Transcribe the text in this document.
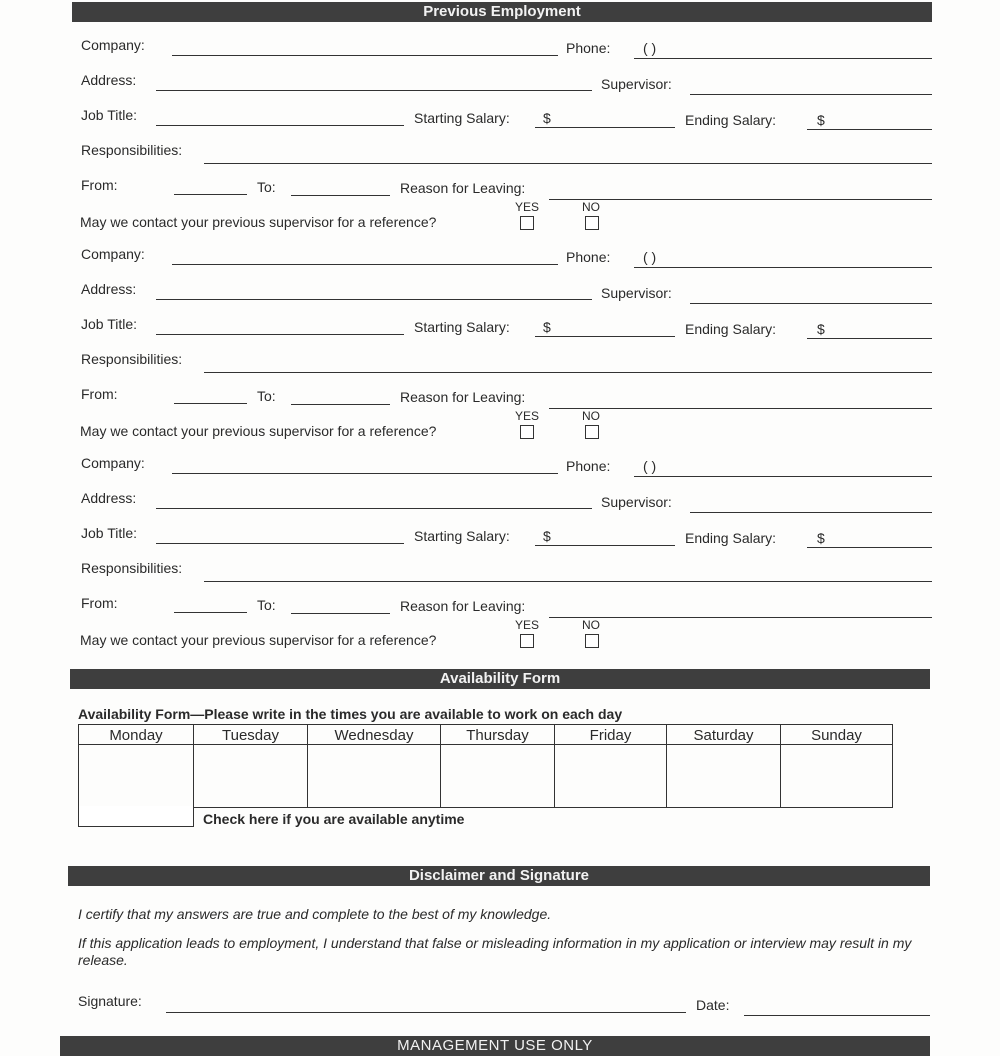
Previous Employment
Company:	Phone: ( )
Address:	Supervisor:
Job Title:	Starting Salary: $	Ending Salary:	$
Responsibilities:
From:	To:	Reason for Leaving:
May we contact your previous supervisor for a reference?
YES	NO
Company:	Phone: ( )
Address:	Supervisor:
Job Title:	Starting Salary: $	Ending Salary:	$
Responsibilities:
From:	To:	Reason for Leaving:
May we contact your previous supervisor for a reference?
YES	NO
Company:	Phone: ( )
Address:	Supervisor:
Job Title:	Starting Salary: $	Ending Salary:	$
Responsibilities:
From:	To:	Reason for Leaving:
May we contact your previous supervisor for a reference?
YES	NO
Availability Form
Availability Form—Please write in the times you are available to work on each day
Monday	Tuesday	Wednesday	Thursday	Friday	Saturday	Sunday

Check here if you are available anytime
Disclaimer and Signature
I certify that my answers are true and complete to the best of my knowledge.
If this application leads to employment, I understand that false or misleading information in my application or interview may result in my release.
Signature:	Date:
MANAGEMENT USE ONLY
